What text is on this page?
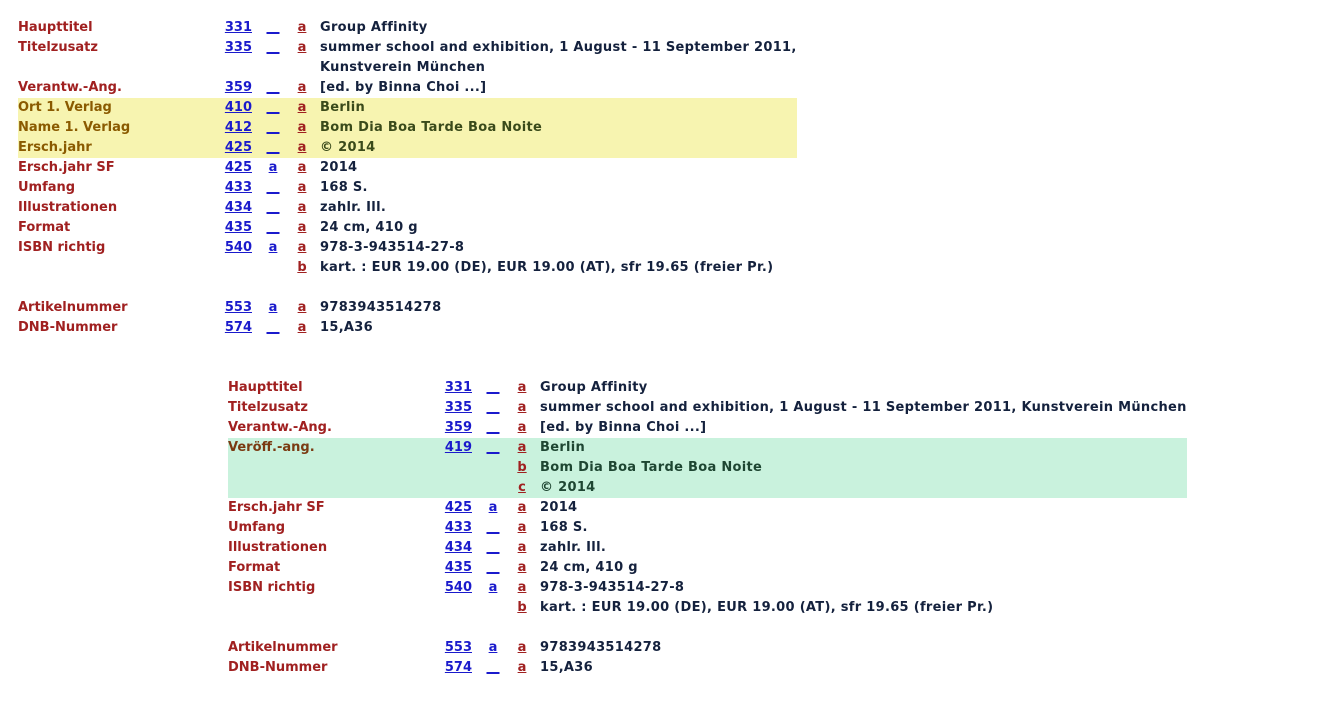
Haupttitel	331	__	a	Group Affinity
Titelzusatz	335	__	a	summer school and exhibition, 1 August - 11 September 2011,
				Kunstverein München
Verantw.-Ang.	359	__	a	[ed. by Binna Choi ...]
Ort 1. Verlag	410	__	a	Berlin
Name 1. Verlag	412	__	a	Bom Dia Boa Tarde Boa Noite
Ersch.jahr	425	__	a	© 2014
Ersch.jahr SF	425	a	a	2014
Umfang	433	__	a	168 S.
Illustrationen	434	__	a	zahlr. Ill.
Format	435	__	a	24 cm, 410 g
ISBN richtig	540	a	a	978-3-943514-27-8
			b	kart. : EUR 19.00 (DE), EUR 19.00 (AT), sfr 19.65 (freier Pr.)

Artikelnummer	553	a	a	9783943514278
DNB-Nummer	574	__	a	15,A36
Haupttitel	331	__	a	Group Affinity
Titelzusatz	335	__	a	summer school and exhibition, 1 August - 11 September 2011, Kunstverein München
Verantw.-Ang.	359	__	a	[ed. by Binna Choi ...]
Veröff.-ang.	419	__	a	Berlin
			b	Bom Dia Boa Tarde Boa Noite
			c	© 2014
Ersch.jahr SF	425	a	a	2014
Umfang	433	__	a	168 S.
Illustrationen	434	__	a	zahlr. Ill.
Format	435	__	a	24 cm, 410 g
ISBN richtig	540	a	a	978-3-943514-27-8
			b	kart. : EUR 19.00 (DE), EUR 19.00 (AT), sfr 19.65 (freier Pr.)

Artikelnummer	553	a	a	9783943514278
DNB-Nummer	574	__	a	15,A36
